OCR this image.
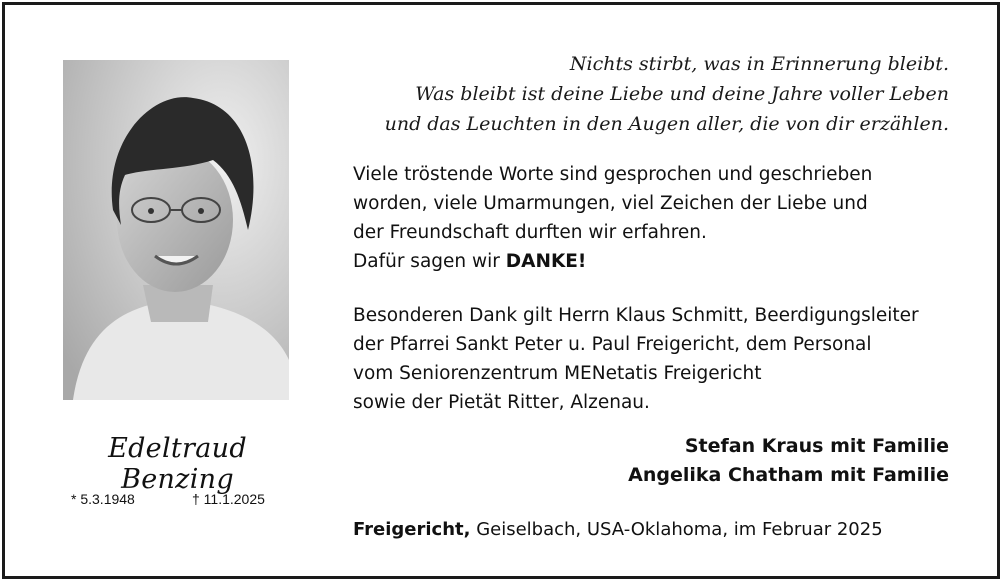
Edeltraud Benzing
* 5.3.1948	† 11.1.2025
Nichts stirbt, was in Erinnerung bleibt.
Was bleibt ist deine Liebe und deine Jahre voller Leben
und das Leuchten in den Augen aller, die von dir erzählen.
Viele tröstende Worte sind gesprochen und geschrieben
worden, viele Umarmungen, viel Zeichen der Liebe und
der Freundschaft durften wir erfahren.
Dafür sagen wir DANKE!
Besonderen Dank gilt Herrn Klaus Schmitt, Beerdigungsleiter
der Pfarrei Sankt Peter u. Paul Freigericht, dem Personal
vom Seniorenzentrum MENetatis Freigericht
sowie der Pietät Ritter, Alzenau.
Stefan Kraus mit Familie
Angelika Chatham mit Familie
Freigericht, Geiselbach, USA-Oklahoma, im Februar 2025
